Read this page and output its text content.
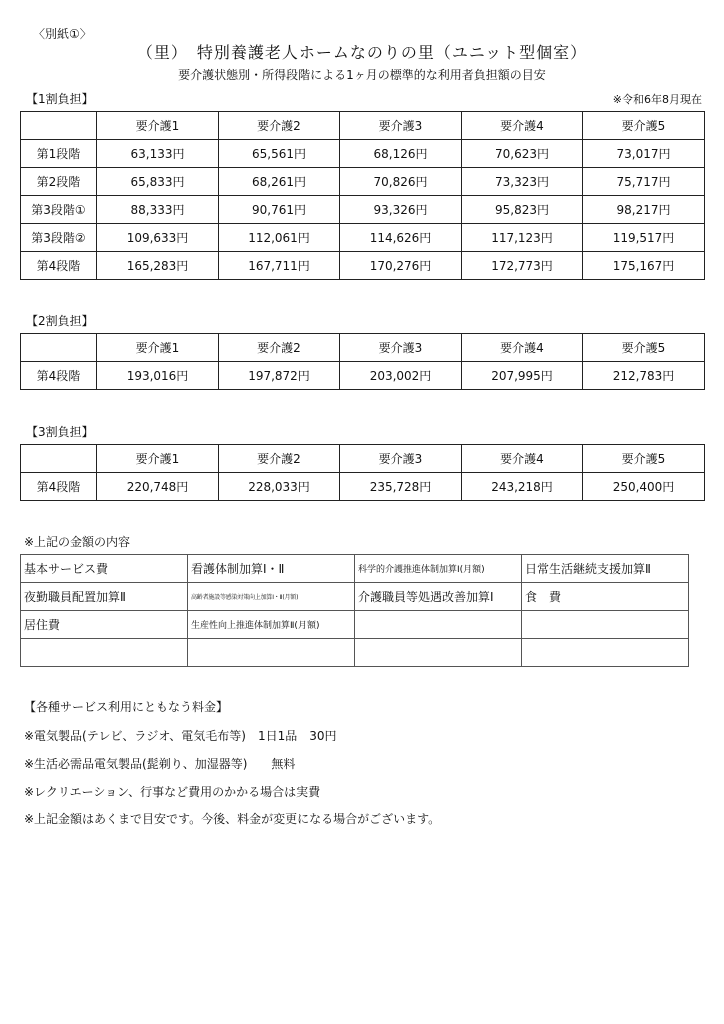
〈別紙①〉
（里）　特別養護老人ホームなのりの里（ユニット型個室）
要介護状態別・所得段階による1ヶ月の標準的な利用者負担額の目安
【1割負担】	※令和6年8月現在
	要介護1	要介護2	要介護3	要介護4	要介護5
第1段階	63,133円	65,561円	68,126円	70,623円	73,017円
第2段階	65,833円	68,261円	70,826円	73,323円	75,717円
第3段階①	88,333円	90,761円	93,326円	95,823円	98,217円
第3段階②	109,633円	112,061円	114,626円	117,123円	119,517円
第4段階	165,283円	167,711円	170,276円	172,773円	175,167円
【2割負担】
	要介護1	要介護2	要介護3	要介護4	要介護5
第4段階	193,016円	197,872円	203,002円	207,995円	212,783円
【3割負担】
	要介護1	要介護2	要介護3	要介護4	要介護5
第4段階	220,748円	228,033円	235,728円	243,218円	250,400円
※上記の金額の内容
基本サービス費	看護体制加算Ⅰ・Ⅱ	科学的介護推進体制加算Ⅰ(月額)	日常生活継続支援加算Ⅱ
夜勤職員配置加算Ⅱ	高齢者施設等感染対策向上加算Ⅰ・Ⅱ(月額)	介護職員等処遇改善加算Ⅰ	食　費
居住費	生産性向上推進体制加算Ⅱ(月額)		

【各種サービス利用にともなう料金】
※電気製品(テレビ、ラジオ、電気毛布等)　1日1品　30円
※生活必需品電気製品(髭剃り、加湿器等)　　無料
※レクリエーション、行事など費用のかかる場合は実費
※上記金額はあくまで目安です。今後、料金が変更になる場合がございます。
